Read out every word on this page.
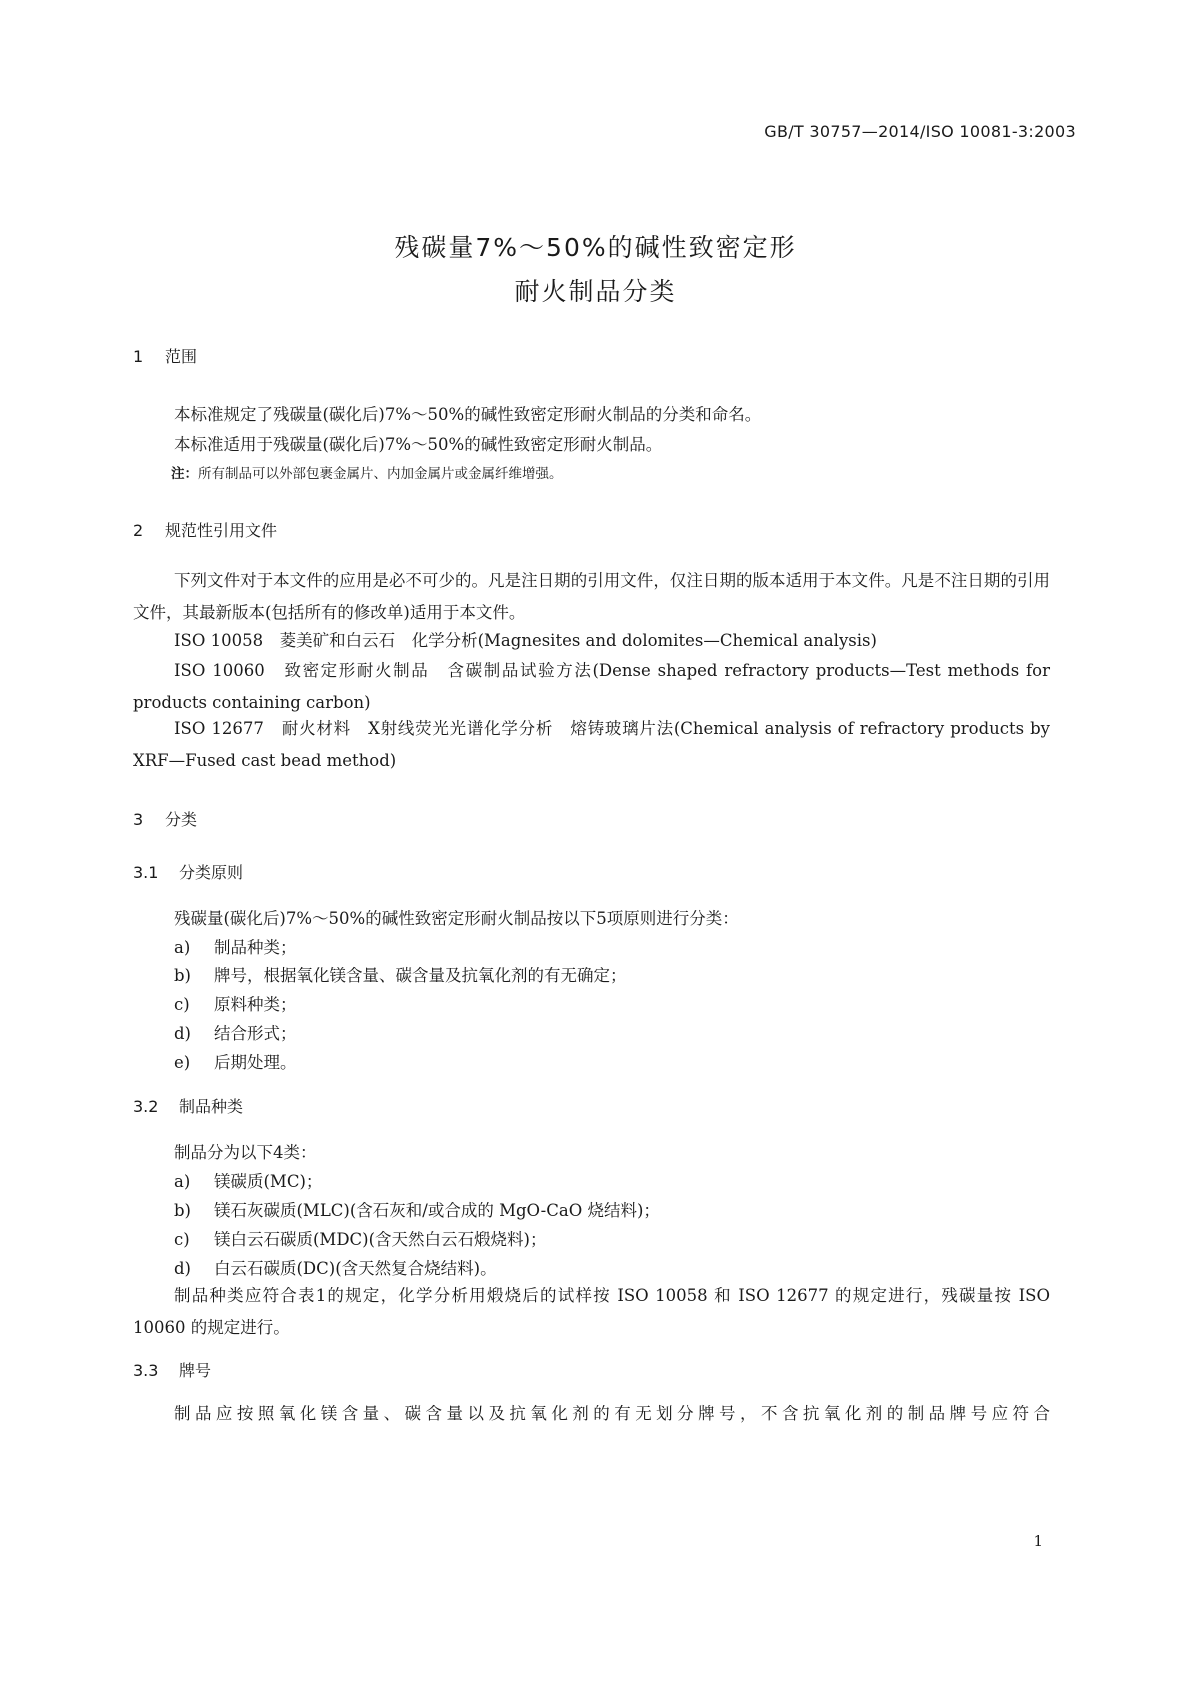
GB/T 30757—2014/ISO 10081-3:2003
残碳量7%～50%的碱性致密定形
耐火制品分类
1 范围
本标准规定了残碳量(碳化后)7%～50%的碱性致密定形耐火制品的分类和命名。
本标准适用于残碳量(碳化后)7%～50%的碱性致密定形耐火制品。
注：所有制品可以外部包裹金属片、内加金属片或金属纤维增强。
2 规范性引用文件
下列文件对于本文件的应用是必不可少的。凡是注日期的引用文件，仅注日期的版本适用于本文件。凡是不注日期的引用文件，其最新版本(包括所有的修改单)适用于本文件。
ISO 10058　菱美矿和白云石　化学分析(Magnesites and dolomites—Chemical analysis)
ISO 10060　致密定形耐火制品　含碳制品试验方法(Dense shaped refractory products—Test methods for products containing carbon)
ISO 12677　耐火材料　X射线荧光光谱化学分析　熔铸玻璃片法(Chemical analysis of refractory products by XRF—Fused cast bead method)
3 分类
3.1 分类原则
残碳量(碳化后)7%～50%的碱性致密定形耐火制品按以下5项原则进行分类：
a) 制品种类；
b) 牌号，根据氧化镁含量、碳含量及抗氧化剂的有无确定；
c) 原料种类；
d) 结合形式；
e) 后期处理。
3.2 制品种类
制品分为以下4类：
a) 镁碳质(MC)；
b) 镁石灰碳质(MLC)(含石灰和/或合成的 MgO-CaO 烧结料)；
c) 镁白云石碳质(MDC)(含天然白云石煅烧料)；
d) 白云石碳质(DC)(含天然复合烧结料)。
制品种类应符合表1的规定，化学分析用煅烧后的试样按 ISO 10058 和 ISO 12677 的规定进行，残碳量按 ISO 10060 的规定进行。
3.3 牌号
制品应按照氧化镁含量、碳含量以及抗氧化剂的有无划分牌号，不含抗氧化剂的制品牌号应符合
1
